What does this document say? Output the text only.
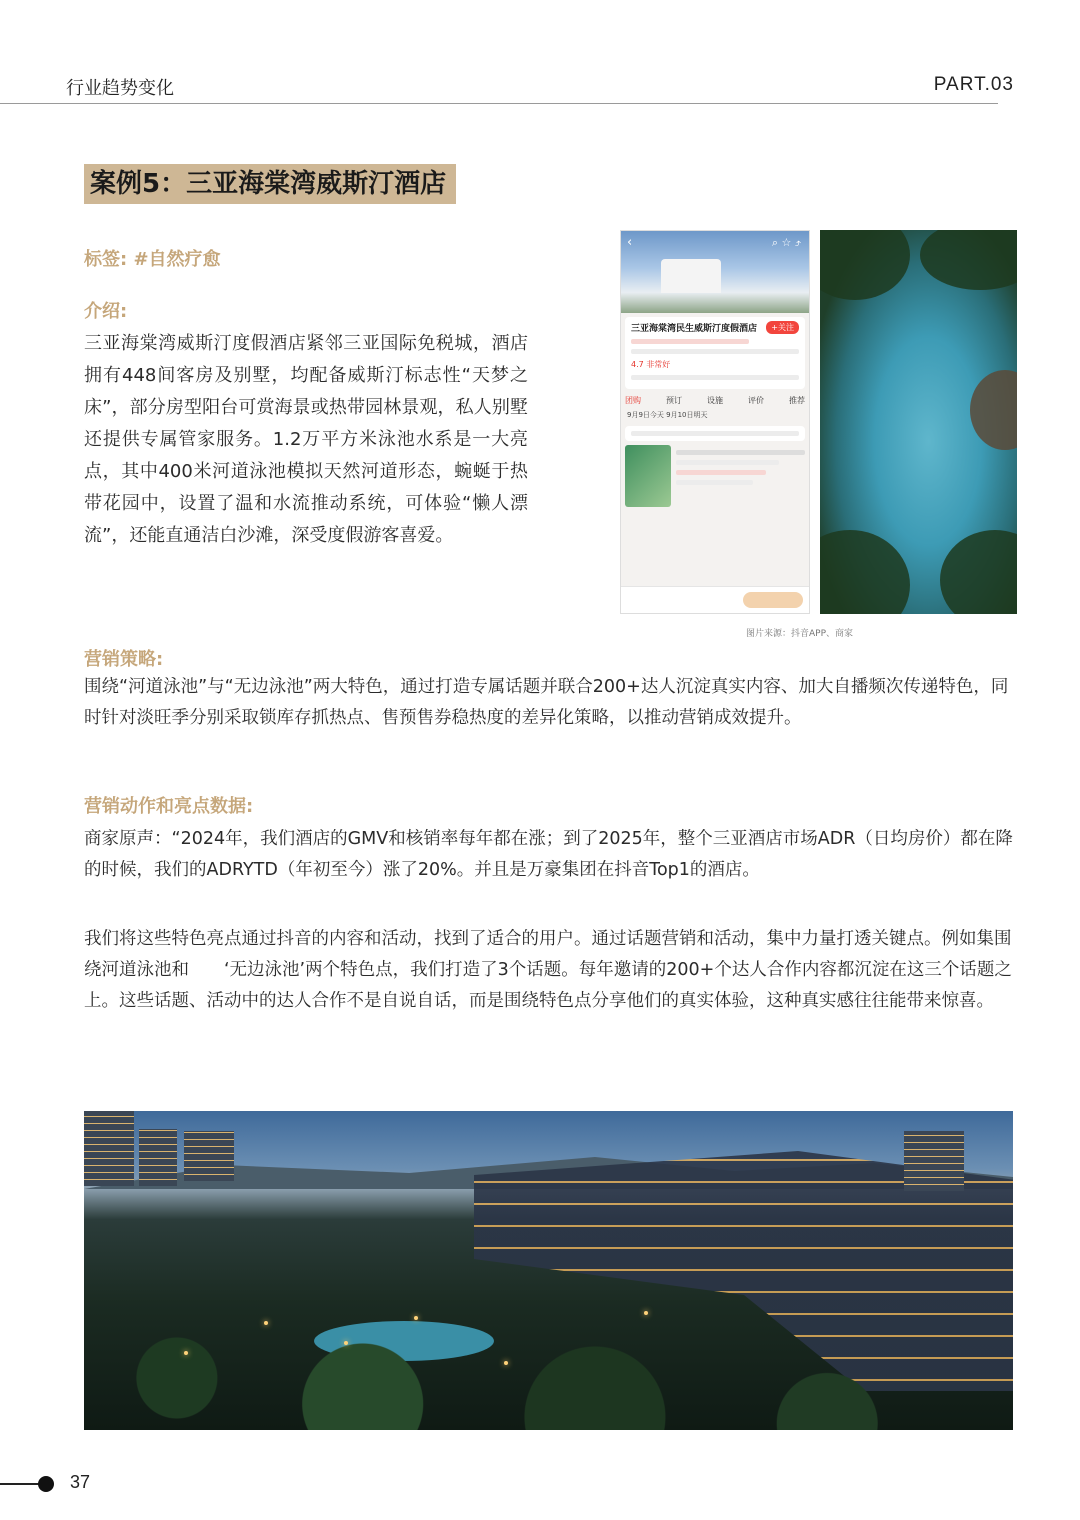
行业趋势变化	PART.03
案例5：三亚海棠湾威斯汀酒店
标签: #自然疗愈
介绍:
三亚海棠湾威斯汀度假酒店紧邻三亚国际免税城，酒店拥有448间客房及别墅，均配备威斯汀标志性“天梦之床”，部分房型阳台可赏海景或热带园林景观，私人别墅还提供专属管家服务。1.2万平方米泳池水系是一大亮点，其中400米河道泳池模拟天然河道形态，蜿蜒于热带花园中，设置了温和水流推动系统，可体验“懒人漂流”，还能直通洁白沙滩，深受度假游客喜爱。
‹	⌕ ☆ ⤴
+关注
三亚海棠湾民生威斯汀度假酒店
4.7 非常好
团购	预订	设施	评价	推荐
9月9日今天 9月10日明天
图片来源：抖音APP、商家
营销策略:
围绕“河道泳池”与“无边泳池”两大特色，通过打造专属话题并联合200+达人沉淀真实内容、加大自播频次传递特色，同时针对淡旺季分别采取锁库存抓热点、售预售券稳热度的差异化策略，以推动营销成效提升。
营销动作和亮点数据:
商家原声：“2024年，我们酒店的GMV和核销率每年都在涨；到了2025年，整个三亚酒店市场ADR（日均房价）都在降的时候，我们的ADRYTD（年初至今）涨了20%。并且是万豪集团在抖音Top1的酒店。
我们将这些特色亮点通过抖音的内容和活动，找到了适合的用户。通过话题营销和活动，集中力量打透关键点。例如集围绕河道泳池和　　‘无边泳池’两个特色点，我们打造了3个话题。每年邀请的200+个达人合作内容都沉淀在这三个话题之上。这些话题、活动中的达人合作不是自说自话，而是围绕特色点分享他们的真实体验，这种真实感往往能带来惊喜。
37
